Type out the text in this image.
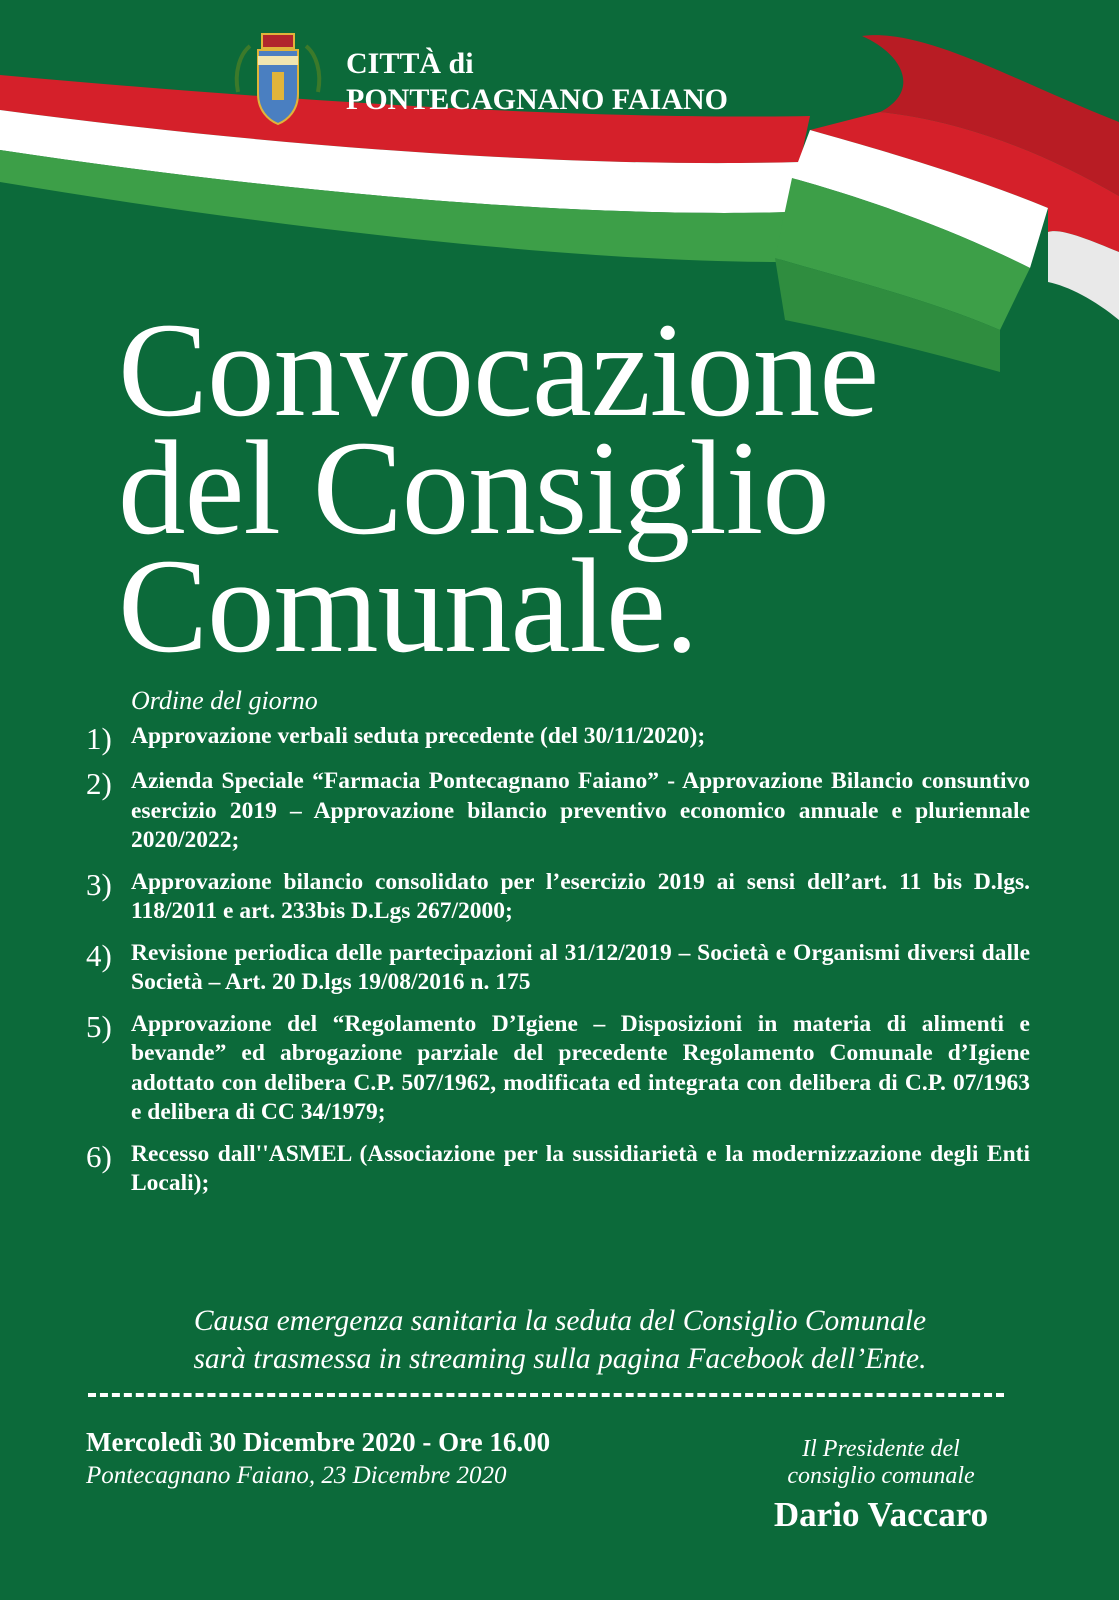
CITTÀ di
PONTECAGNANO FAIANO
Convocazione
del Consiglio
Comunale.
Ordine del giorno
1) Approvazione verbali seduta precedente (del 30/11/2020);
2) Azienda Speciale “Farmacia Pontecagnano Faiano” - Approvazione Bilancio consuntivo esercizio 2019 – Approvazione bilancio preventivo economico annuale e pluriennale 2020/2022;
3) Approvazione bilancio consolidato per l’esercizio 2019 ai sensi dell’art. 11 bis D.lgs. 118/2011 e art. 233bis D.Lgs 267/2000;
4) Revisione periodica delle partecipazioni al 31/12/2019 – Società e Organismi diversi dalle Società – Art. 20 D.lgs 19/08/2016 n. 175
5) Approvazione del “Regolamento D’Igiene – Disposizioni in materia di alimenti e bevande” ed abrogazione parziale del precedente Regolamento Comunale d’Igiene adottato con delibera C.P. 507/1962, modificata ed integrata con delibera di C.P. 07/1963 e delibera di CC 34/1979;
6) Recesso dall''ASMEL (Associazione per la sussidiarietà e la modernizzazione degli Enti Locali);
Causa emergenza sanitaria la seduta del Consiglio Comunale
sarà trasmessa in streaming sulla pagina Facebook dell’Ente.
Mercoledì 30 Dicembre 2020 - Ore 16.00
Pontecagnano Faiano, 23 Dicembre 2020
Il Presidente del
consiglio comunale
Dario Vaccaro
